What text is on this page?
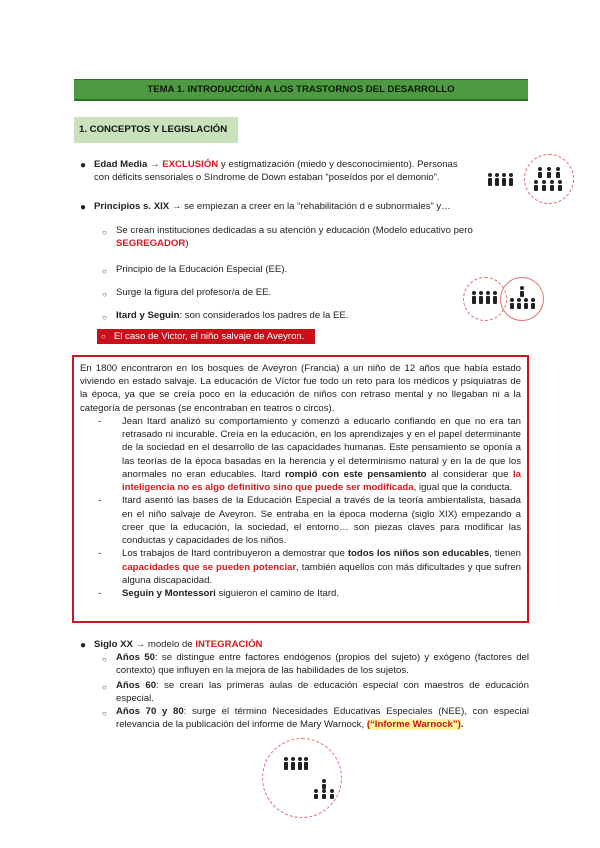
TEMA 1. INTRODUCCIÓN A LOS TRASTORNOS DEL DESARROLLO
1. CONCEPTOS Y LEGISLACIÓN
● Edad Media → EXCLUSIÓN y estigmatización (miedo y desconocimiento). Personas
con déficits sensoriales o Síndrome de Down estaban “poseídos por el demonio”.
● Principios s. XIX → se empiezan a creer en la “rehabilitación d e subnormales” y…
○ Se crean instituciones dedicadas a su atención y educación (Modelo educativo pero
SEGREGADOR)
○ Principio de la Educación Especial (EE).
○ Surge la figura del profesor/a de EE.
○ Itard y Seguin: son considerados los padres de la EE.
○ El caso de Victor, el niño salvaje de Aveyron.

En 1800 encontraron en los bosques de Aveyron (Francia) a un niño de 12 años que había estado viviendo en estado salvaje. La educación de Víctor fue todo un reto para los médicos y psiquiatras de la época, ya que se creía poco en la educación de niños con retraso mental y no llegaban ni a la categoría de personas (se encontraban en teatros o circos).

- Jean Itard analizó su comportamiento y comenzó a educarlo confiando en que no era tan retrasado ni incurable. Creía en la educación, en los aprendizajes y en el papel determinante de la sociedad en el desarrollo de las capacidades humanas. Este pensamiento se oponía a las teorías de la época basadas en la herencia y el determinismo natural y en la de que los anormales no eran educables. Itard rompió con este pensamiento al considerar que la inteligencia no es algo definitivo sino que puede ser modificada, igual que la conducta.
- Itard asentó las bases de la Educación Especial a través de la teoría ambientalista, basada en el niño salvaje de Aveyron. Se entraba en la época moderna (siglo XIX) empezando a creer que la educación, la sociedad, el entorno… son piezas claves para modificar las conductas y capacidades de los niños.
- Los trabajos de Itard contribuyeron a demostrar que todos los niños son educables, tienen capacidades que se pueden potenciar, también aquellos con más dificultades y que sufren alguna discapacidad.
- Seguin y Montessori siguieron el camino de Itard.
● Siglo XX → modelo de INTEGRACIÓN
○ Años 50: se distingue entre factores endógenos (propios del sujeto) y exógeno (factores del contexto) que influyen en la mejora de las habilidades de los sujetos.
○ Años 60: se crean las primeras aulas de educación especial con maestros de educación especial.
○ Años 70 y 80: surge el término Necesidades Educativas Especiales (NEE), con especial relevancia de la publicación del informe de Mary Warnock, (“Informe Warnock”).
